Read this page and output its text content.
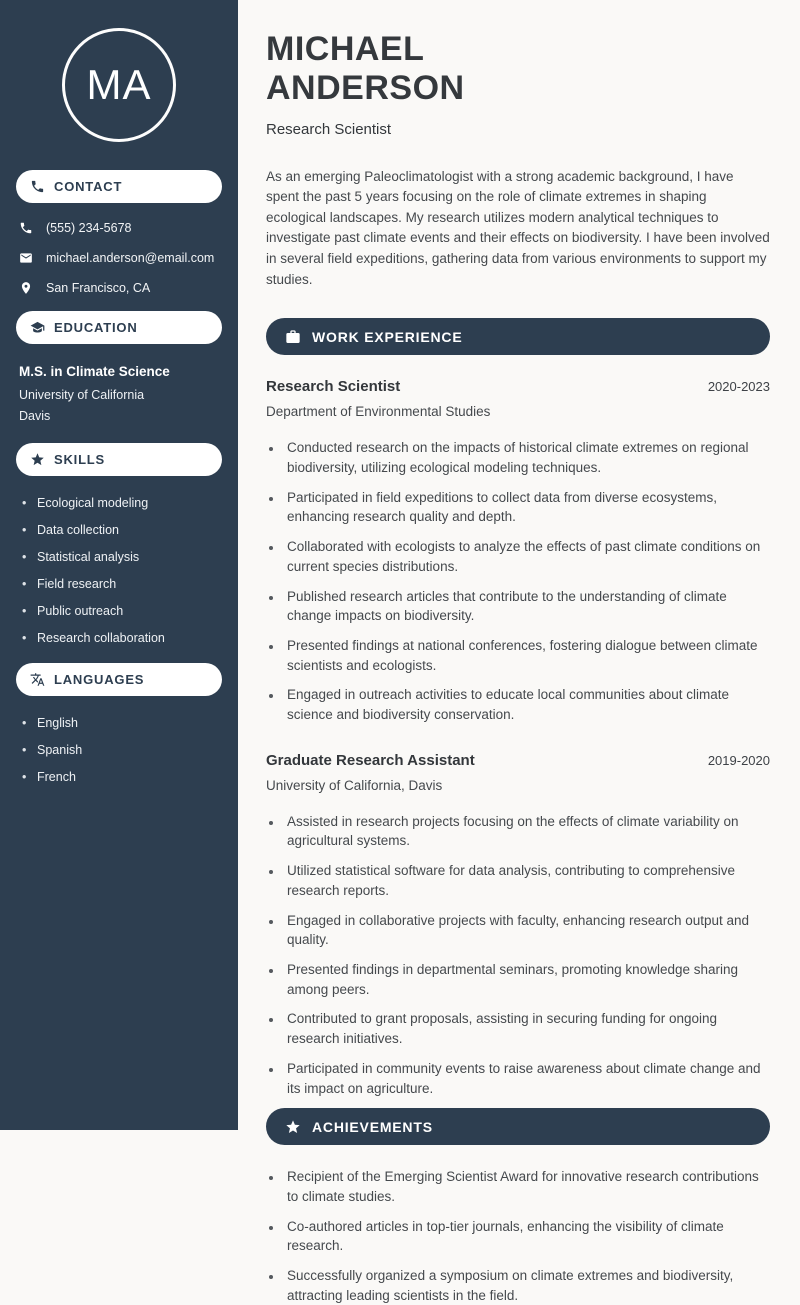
MA
CONTACT
(555) 234-5678
michael.anderson@email.com
San Francisco, CA
EDUCATION
M.S. in Climate Science
University of California
Davis
SKILLS
• Ecological modeling
• Data collection
• Statistical analysis
• Field research
• Public outreach
• Research collaboration
LANGUAGES
• English
• Spanish
• French
MICHAEL
ANDERSON
Research Scientist

As an emerging Paleoclimatologist with a strong academic background, I have spent the past 5 years focusing on the role of climate extremes in shaping ecological landscapes. My research utilizes modern analytical techniques to investigate past climate events and their effects on biodiversity. I have been involved in several field expeditions, gathering data from various environments to support my studies.

WORK EXPERIENCE
Research Scientist	2020-2023
Department of Environmental Studies
• Conducted research on the impacts of historical climate extremes on regional biodiversity, utilizing ecological modeling techniques.
• Participated in field expeditions to collect data from diverse ecosystems, enhancing research quality and depth.
• Collaborated with ecologists to analyze the effects of past climate conditions on current species distributions.
• Published research articles that contribute to the understanding of climate change impacts on biodiversity.
• Presented findings at national conferences, fostering dialogue between climate scientists and ecologists.
• Engaged in outreach activities to educate local communities about climate science and biodiversity conservation.
Graduate Research Assistant	2019-2020
University of California, Davis
• Assisted in research projects focusing on the effects of climate variability on agricultural systems.
• Utilized statistical software for data analysis, contributing to comprehensive research reports.
• Engaged in collaborative projects with faculty, enhancing research output and quality.
• Presented findings in departmental seminars, promoting knowledge sharing among peers.
• Contributed to grant proposals, assisting in securing funding for ongoing research initiatives.
• Participated in community events to raise awareness about climate change and its impact on agriculture.
ACHIEVEMENTS
• Recipient of the Emerging Scientist Award for innovative research contributions to climate studies.
• Co-authored articles in top-tier journals, enhancing the visibility of climate research.
• Successfully organized a symposium on climate extremes and biodiversity, attracting leading scientists in the field.
